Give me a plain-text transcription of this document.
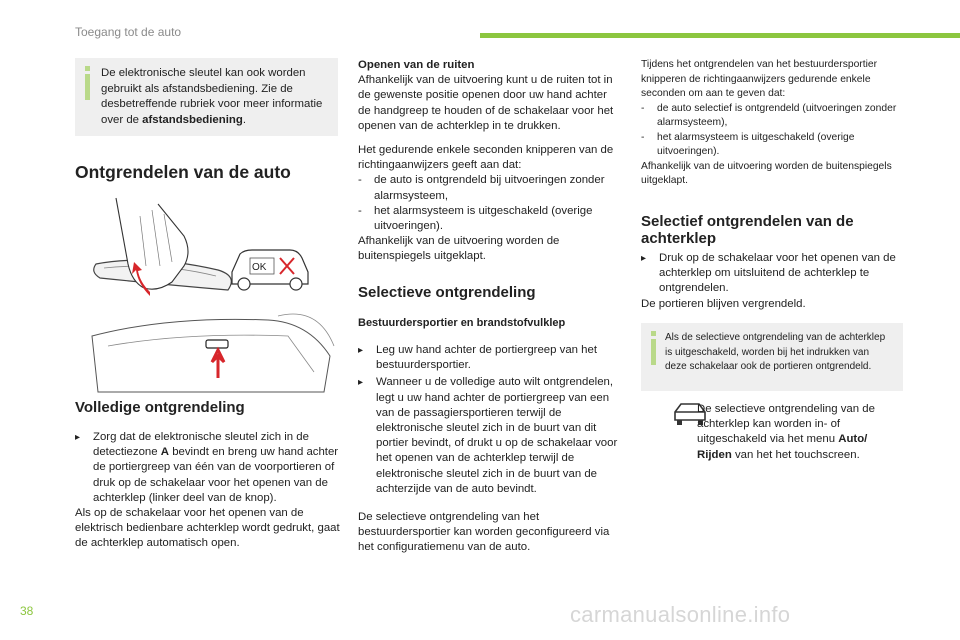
Toegang tot de auto
De elektronische sleutel kan ook worden gebruikt als afstandsbediening. Zie de desbetreffende rubriek voor meer informatie over de afstandsbediening.
Ontgrendelen van de auto
OK
Volledige ontgrendeling
▸	Zorg dat de elektronische sleutel zich in de detectiezone A bevindt en breng uw hand achter de portiergreep van één van de voorportieren of druk op de schakelaar voor het openen van de achterklep (linker deel van de knop).

Als op de schakelaar voor het openen van de elektrisch bedienbare achterklep wordt gedrukt, gaat de achterklep automatisch open.

Openen van de ruiten

Afhankelijk van de uitvoering kunt u de ruiten tot in de gewenste positie openen door uw hand achter de handgreep te houden of de schakelaar voor het openen van de achterklep in te drukken.

Het gedurende enkele seconden knipperen van de richtingaanwijzers geeft aan dat:
-	de auto is ontgrendeld bij uitvoeringen zonder alarmsysteem,
-	het alarmsysteem is uitgeschakeld (overige uitvoeringen).

Afhankelijk van de uitvoering worden de buitenspiegels uitgeklapt.

Selectieve ontgrendeling
Bestuurdersportier en brandstofvulklep
▸	Leg uw hand achter de portiergreep van het bestuurdersportier.
▸	Wanneer u de volledige auto wilt ontgrendelen, legt u uw hand achter de portiergreep van een van de passagiersportieren terwijl de elektronische sleutel zich in de buurt van dit portier bevindt, of drukt u op de schakelaar voor het openen van de achterklep terwijl de elektronische sleutel zich in de buurt van de achterzijde van de auto bevindt.

De selectieve ontgrendeling van het bestuurdersportier kan worden geconfigureerd via het configuratiemenu van de auto.

Tijdens het ontgrendelen van het bestuurdersportier knipperen de richtingaanwijzers gedurende enkele seconden om aan te geven dat:
-	de auto selectief is ontgrendeld (uitvoeringen zonder alarmsysteem),
-	het alarmsysteem is uitgeschakeld (overige uitvoeringen).
Afhankelijk van de uitvoering worden de buitenspiegels uitgeklapt.
Selectief ontgrendelen van de achterklep
▸	Druk op de schakelaar voor het openen van de achterklep om uitsluitend de achterklep te ontgrendelen.
De portieren blijven vergrendeld.
Als de selectieve ontgrendeling van de achterklep is uitgeschakeld, worden bij het indrukken van deze schakelaar ook de portieren ontgrendeld.
De selectieve ontgrendeling van de achterklep kan worden in- of uitgeschakeld via het menu Auto/ Rijden van het het touchscreen.
38	carmanualsonline.info
